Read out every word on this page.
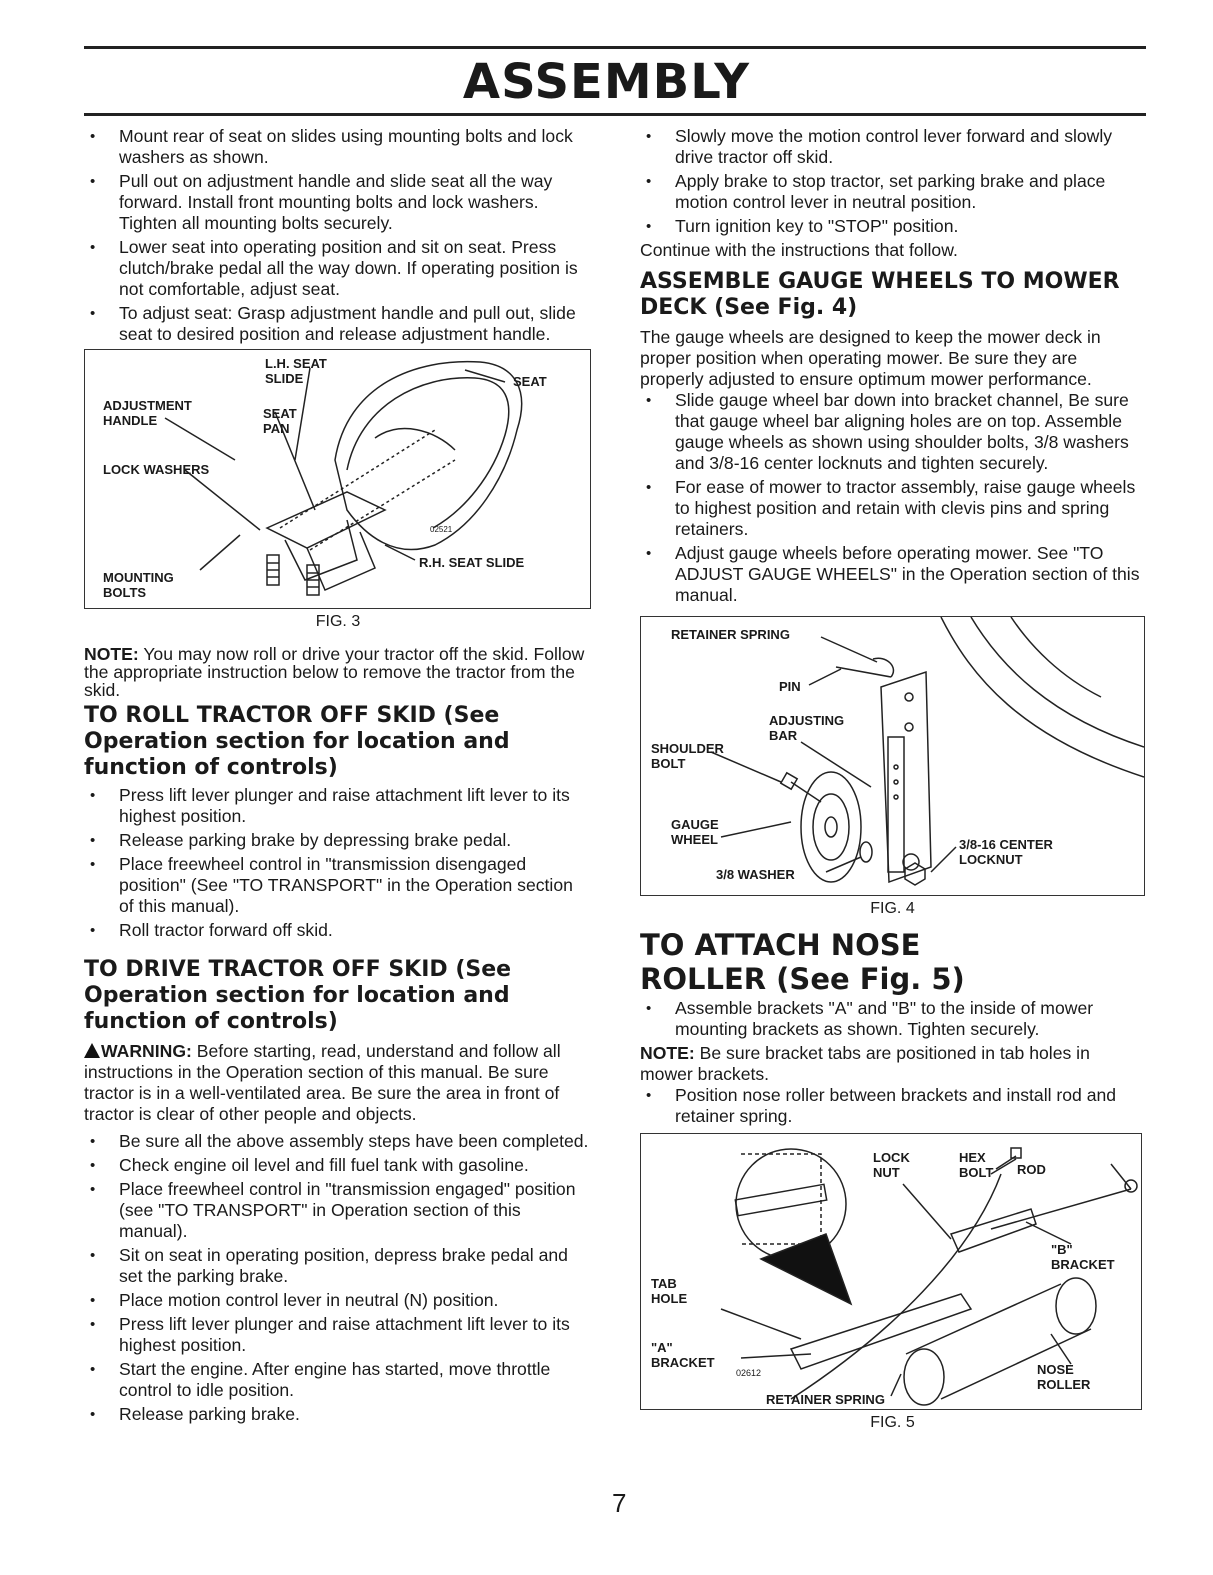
ASSEMBLY
• Mount rear of seat on slides using mounting bolts and lock washers as shown.
• Pull out on adjustment handle and slide seat all the way forward. Install front mounting bolts and lock washers. Tighten all mounting bolts securely.
• Lower seat into operating position and sit on seat. Press clutch/brake pedal all the way down. If operating position is not comfortable, adjust seat.
• To adjust seat: Grasp adjustment handle and pull out, slide seat to desired position and release adjustment handle.
L.H. SEAT SLIDE	SEAT
ADJUSTMENT HANDLE	SEAT PAN
LOCK WASHERS
02521
R.H. SEAT SLIDE
MOUNTING BOLTS
FIG. 3

NOTE: You may now roll or drive your tractor off the skid. Follow the appropriate instruction below to remove the tractor from the skid.

TO ROLL TRACTOR OFF SKID (See Operation section for location and function of controls)
• Press lift lever plunger and raise attachment lift lever to its highest position.
• Release parking brake by depressing brake pedal.
• Place freewheel control in "transmission disengaged position" (See "TO TRANSPORT" in the Operation section of this manual).
• Roll tractor forward off skid.
TO DRIVE TRACTOR OFF SKID (See Operation section for location and function of controls)

WARNING: Before starting, read, understand and follow all instructions in the Operation section of this manual. Be sure tractor is in a well-ventilated area. Be sure the area in front of tractor is clear of other people and objects.

• Be sure all the above assembly steps have been completed.
• Check engine oil level and fill fuel tank with gasoline.
• Place freewheel control in "transmission engaged" position (see "TO TRANSPORT" in Operation section of this manual).
• Sit on seat in operating position, depress brake pedal and set the parking brake.
• Place motion control lever in neutral (N) position.
• Press lift lever plunger and raise attachment lift lever to its highest position.
• Start the engine. After engine has started, move throttle control to idle position.
• Release parking brake.
• Slowly move the motion control lever forward and slowly drive tractor off skid.
• Apply brake to stop tractor, set parking brake and place motion control lever in neutral position.
• Turn ignition key to "STOP" position.

Continue with the instructions that follow.

ASSEMBLE GAUGE WHEELS TO MOWER DECK (See Fig. 4)

The gauge wheels are designed to keep the mower deck in proper position when operating mower. Be sure they are properly adjusted to ensure optimum mower performance.

• Slide gauge wheel bar down into bracket channel, Be sure that gauge wheel bar aligning holes are on top. Assemble gauge wheels as shown using shoulder bolts, 3/8 washers and 3/8-16 center locknuts and tighten securely.
• For ease of mower to tractor assembly, raise gauge wheels to highest position and retain with clevis pins and spring retainers.
• Adjust gauge wheels before operating mower. See "TO ADJUST GAUGE WHEELS" in the Operation section of this manual.
RETAINER SPRING
PIN
ADJUSTING BAR
SHOULDER BOLT
GAUGE WHEEL	3/8-16 CENTER LOCKNUT
3/8 WASHER
FIG. 4
TO ATTACH NOSE ROLLER (See Fig. 5)
• Assemble brackets "A" and "B" to the inside of mower mounting brackets as shown. Tighten securely.

NOTE: Be sure bracket tabs are positioned in tab holes in mower brackets.

• Position nose roller between brackets and install rod and retainer spring.
LOCK NUT
HEX BOLT	ROD
"B" BRACKET
TAB HOLE
"A" BRACKET
02612	NOSE ROLLER
RETAINER SPRING
FIG. 5
7
